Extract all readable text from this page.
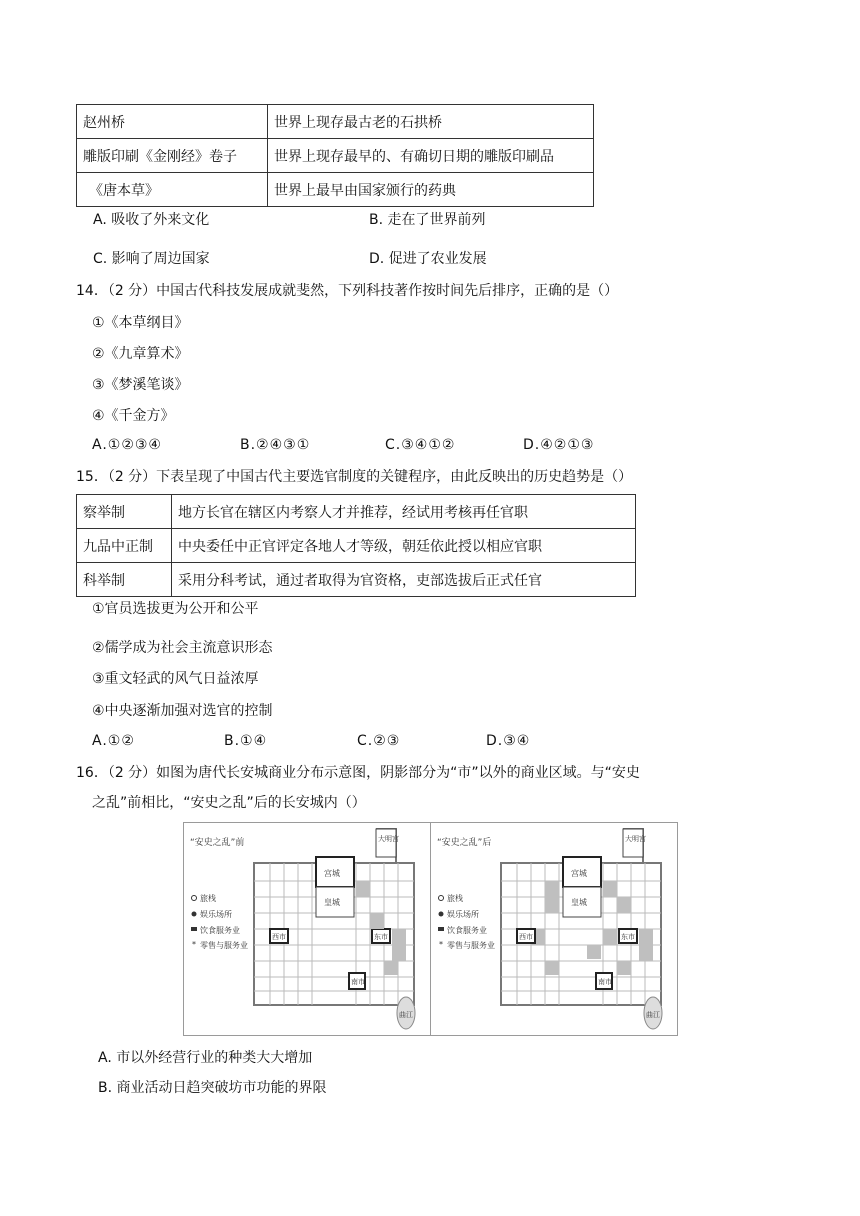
赵州桥	世界上现存最古老的石拱桥
雕版印刷《金刚经》卷子	世界上现存最早的、有确切日期的雕版印刷品
《唐本草》	世界上最早由国家颁行的药典
A. 吸收了外来文化	B. 走在了世界前列
C. 影响了周边国家	D. 促进了农业发展
14．（2 分）中国古代科技发展成就斐然，下列科技著作按时间先后排序，正确的是（）
①《本草纲目》
②《九章算术》
③《梦溪笔谈》
④《千金方》
A.①②③④	B.②④③①	C.③④①②	D.④②①③
15．（2 分）下表呈现了中国古代主要选官制度的关键程序，由此反映出的历史趋势是（）
察举制	地方长官在辖区内考察人才并推荐，经试用考核再任官职
九品中正制	中央委任中正官评定各地人才等级，朝廷依此授以相应官职
科举制	采用分科考试，通过者取得为官资格，吏部选拔后正式任官
①官员选拔更为公开和公平
②儒学成为社会主流意识形态
③重文轻武的风气日益浓厚
④中央逐渐加强对选官的控制
A.①②	B.①④	C.②③	D.③④
16．（2 分）如图为唐代长安城商业分布示意图，阴影部分为“市”以外的商业区域。与“安史
之乱”前相比，“安史之乱”后的长安城内（）
*
“安史之乱”前
旅栈
娱乐场所
饮食服务业
零售与服务业
大明宫
宫城
皇城
西市	东市
南市
曲江
*
“安史之乱”后
旅栈
娱乐场所
饮食服务业
零售与服务业
大明宫
宫城
皇城
西市	东市
南市
曲江
A. 市以外经营行业的种类大大增加
B. 商业活动日趋突破坊市功能的界限
